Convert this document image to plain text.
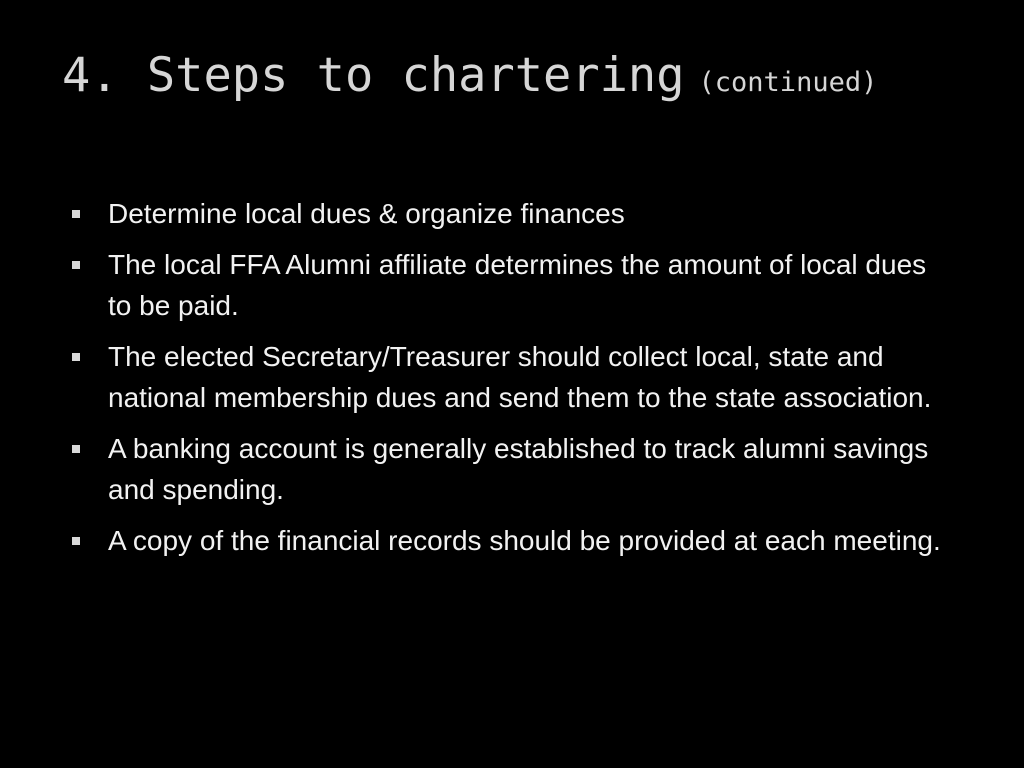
4. Steps to chartering (continued)
Determine local dues & organize finances
The local FFA Alumni affiliate determines the amount of local dues to be paid.
The elected Secretary/Treasurer should collect local, state and national membership dues and send them to the state association.
A banking account is generally established to track alumni savings and spending.
A copy of the financial records should be provided at each meeting.
